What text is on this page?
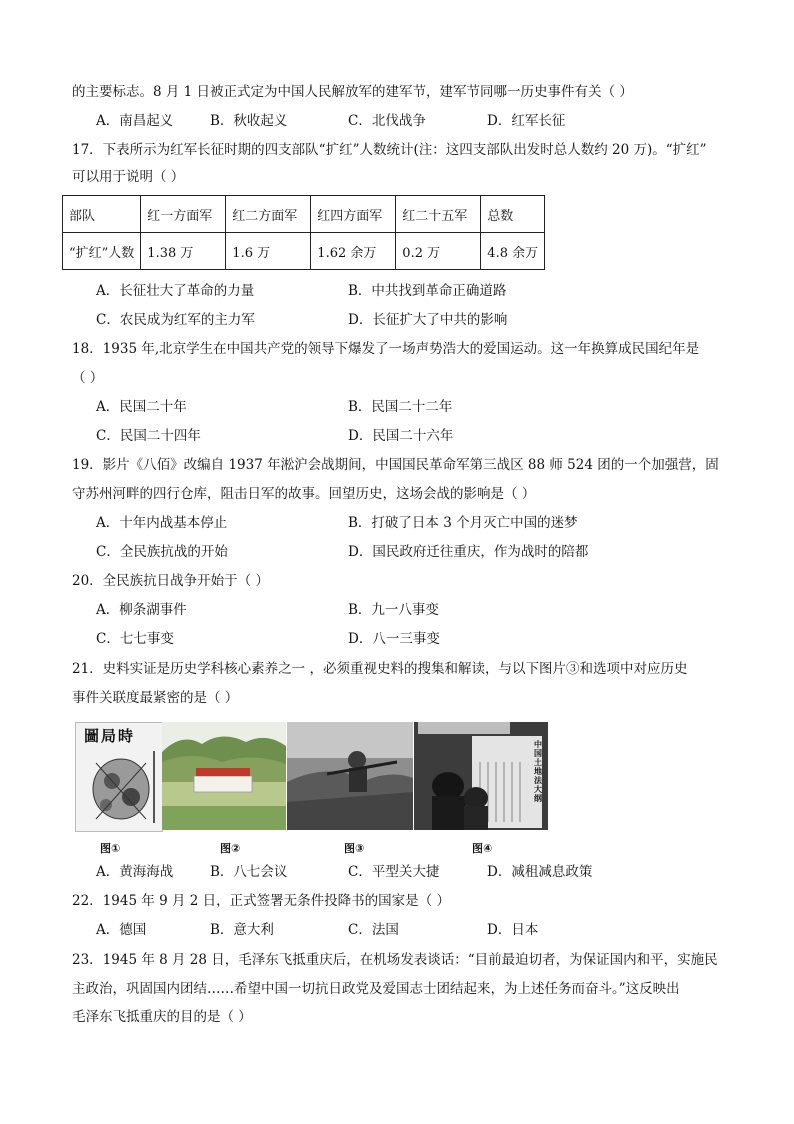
的主要标志。8 月 1 日被正式定为中国人民解放军的建军节，建军节同哪一历史事件有关（ ）
A．南昌起义	B．秋收起义	C．北伐战争	D．红军长征
17．下表所示为红军长征时期的四支部队“扩红”人数统计(注：这四支部队出发时总人数约 20 万)。“扩红”
可以用于说明（ ）
部队	红一方面军	红二方面军	红四方面军	红二十五军	总数
“扩红”人数	1.38 万	1.6 万	1.62 余万	0.2 万	4.8 余万
A．长征壮大了革命的力量	B．中共找到革命正确道路
C．农民成为红军的主力军	D．长征扩大了中共的影响
18．1935 年,北京学生在中国共产党的领导下爆发了一场声势浩大的爱国运动。这一年换算成民国纪年是
（ ）
A．民国二十年	B．民国二十二年
C．民国二十四年	D．民国二十六年
19．影片《八佰》改编自 1937 年淞沪会战期间，中国国民革命军第三战区 88 师 524 团的一个加强营，固
守苏州河畔的四行仓库，阻击日军的故事。回望历史，这场会战的影响是（ ）
A．十年内战基本停止	B．打破了日本 3 个月灭亡中国的迷梦
C．全民族抗战的开始	D．国民政府迁往重庆，作为战时的陪都
20．全民族抗日战争开始于（ ）
A．柳条湖事件	B．九一八事变
C．七七事变	D．八一三事变
21．史料实证是历史学科核心素养之一 ，必须重视史料的搜集和解读，与以下图片③和选项中对应历史
事件关联度最紧密的是（ ）
圖局時	中国土地法大纲
图①	图②	图③	图④
A．黄海海战	B．八七会议	C．平型关大捷	D．减租减息政策
22．1945 年 9 月 2 日，正式签署无条件投降书的国家是（ ）
A．德国	B．意大利	C．法国	D．日本
23．1945 年 8 月 28 日，毛泽东飞抵重庆后，在机场发表谈话：“目前最迫切者，为保证国内和平，实施民
主政治，巩固国内团结……希望中国一切抗日政党及爱国志士团结起来，为上述任务而奋斗。”这反映出
毛泽东飞抵重庆的目的是（ ）
